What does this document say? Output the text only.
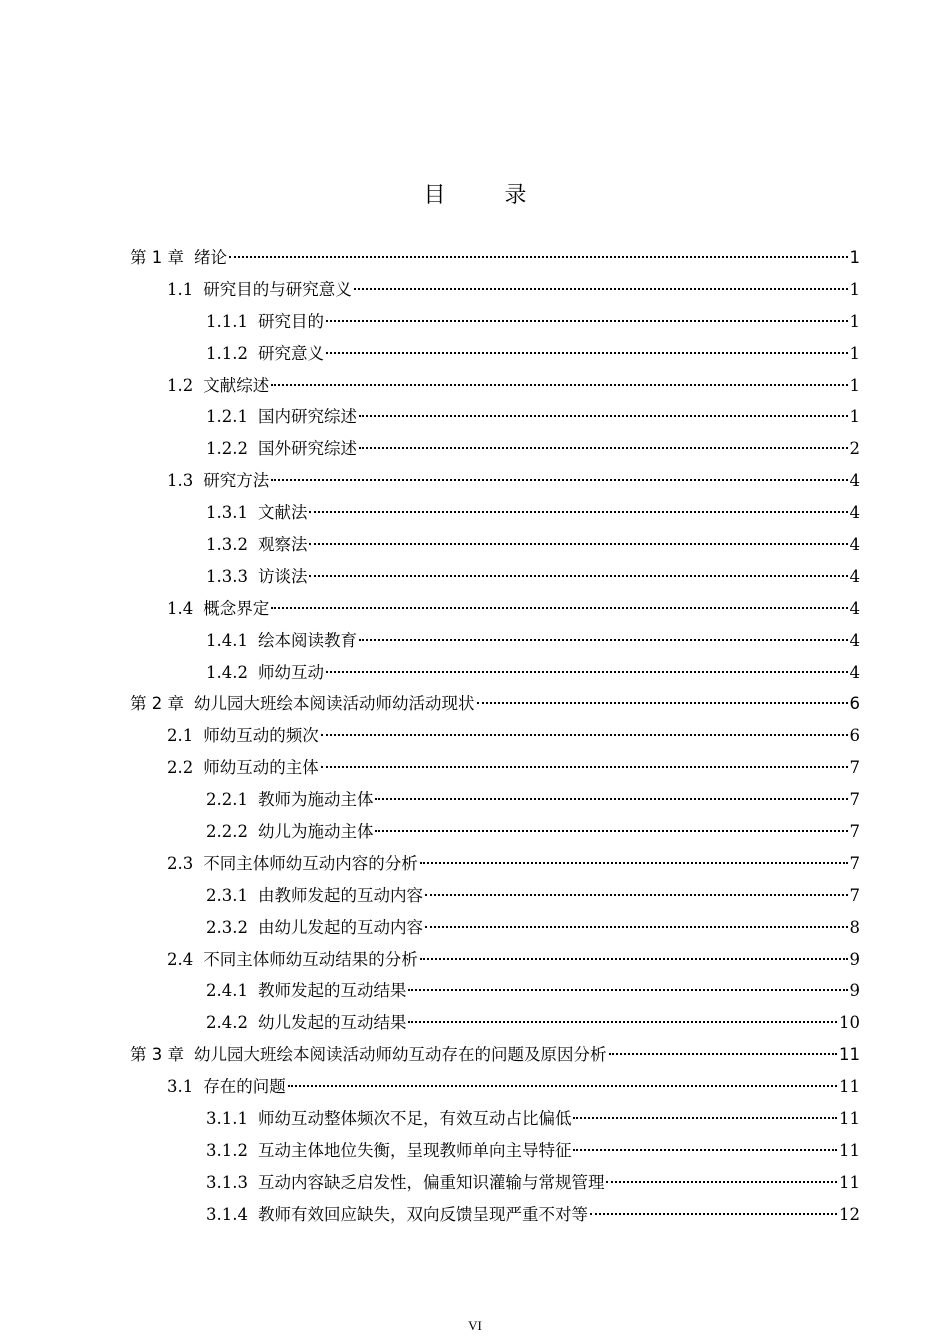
目 录
第 1 章 绪论	1
1.1 研究目的与研究意义	1
1.1.1 研究目的	1
1.1.2 研究意义	1
1.2 文献综述	1
1.2.1 国内研究综述	1
1.2.2 国外研究综述	2
1.3 研究方法	4
1.3.1 文献法	4
1.3.2 观察法	4
1.3.3 访谈法	4
1.4 概念界定	4
1.4.1 绘本阅读教育	4
1.4.2 师幼互动	4
第 2 章 幼儿园大班绘本阅读活动师幼活动现状	6
2.1 师幼互动的频次	6
2.2 师幼互动的主体	7
2.2.1 教师为施动主体	7
2.2.2 幼儿为施动主体	7
2.3 不同主体师幼互动内容的分析	7
2.3.1 由教师发起的互动内容	7
2.3.2 由幼儿发起的互动内容	8
2.4 不同主体师幼互动结果的分析	9
2.4.1 教师发起的互动结果	9
2.4.2 幼儿发起的互动结果	10
第 3 章 幼儿园大班绘本阅读活动师幼互动存在的问题及原因分析	11
3.1 存在的问题	11
3.1.1 师幼互动整体频次不足，有效互动占比偏低	11
3.1.2 互动主体地位失衡，呈现教师单向主导特征	11
3.1.3 互动内容缺乏启发性，偏重知识灌输与常规管理	11
3.1.4 教师有效回应缺失，双向反馈呈现严重不对等	12
VI
